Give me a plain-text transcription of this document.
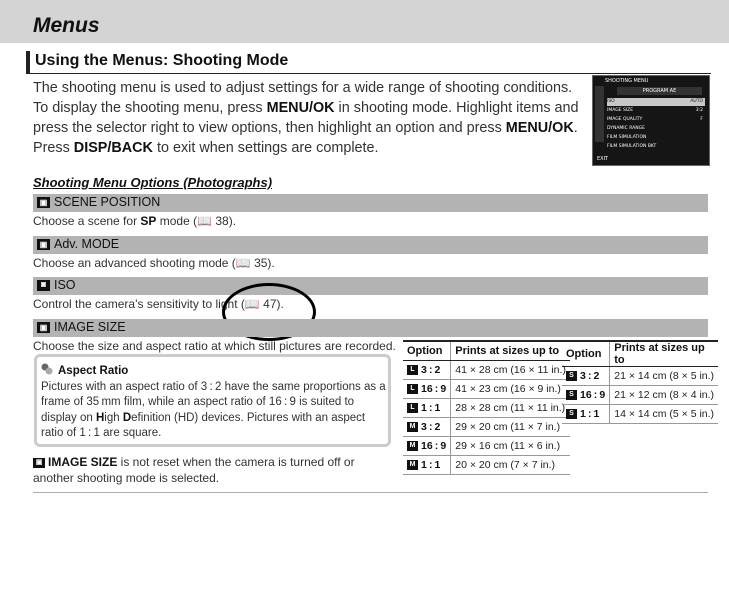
Menus
Using the Menus: Shooting Mode

The shooting menu is used to adjust settings for a wide range of shooting conditions. To display the shooting menu, press MENU/OK in shooting mode. Highlight items and press the selector right to view options, then highlight an option and press MENU/OK. Press DISP/BACK to exit when settings are complete.

SHOOTING MENU
PROGRAM AE
ISO	AUTO
IMAGE SIZE	3:2
IMAGE QUALITY	F
DYNAMIC RANGE
FILM SIMULATION
FILM SIMULATION BKT
EXIT
Shooting Menu Options (Photographs)
▣ SCENE POSITION
Choose a scene for SP mode (📖 38).
▣ Adv. MODE
Choose an advanced shooting mode (📖 35).
▣ ISO
Control the camera’s sensitivity to light (📖 47).
▣ IMAGE SIZE
Choose the size and aspect ratio at which still pictures are recorded.
Aspect Ratio
Pictures with an aspect ratio of 3 : 2 have the same proportions as a frame of 35 mm film, while an aspect ratio of 16 : 9 is suited to display on High Definition (HD) devices. Pictures with an aspect ratio of 1 : 1 are square.
▣ IMAGE SIZE is not reset when the camera is turned off or another shooting mode is selected.
Option	Prints at sizes up to
L 3 : 2	41 × 28 cm (16 × 11 in.)
L 16 : 9	41 × 23 cm (16 × 9 in.)
L 1 : 1	28 × 28 cm (11 × 11 in.)
M 3 : 2	29 × 20 cm (11 × 7 in.)
M 16 : 9	29 × 16 cm (11 × 6 in.)
M 1 : 1	20 × 20 cm (7 × 7 in.)
Option	Prints at sizes up to
S 3 : 2	21 × 14 cm (8 × 5 in.)
S 16 : 9	21 × 12 cm (8 × 4 in.)
S 1 : 1	14 × 14 cm (5 × 5 in.)
